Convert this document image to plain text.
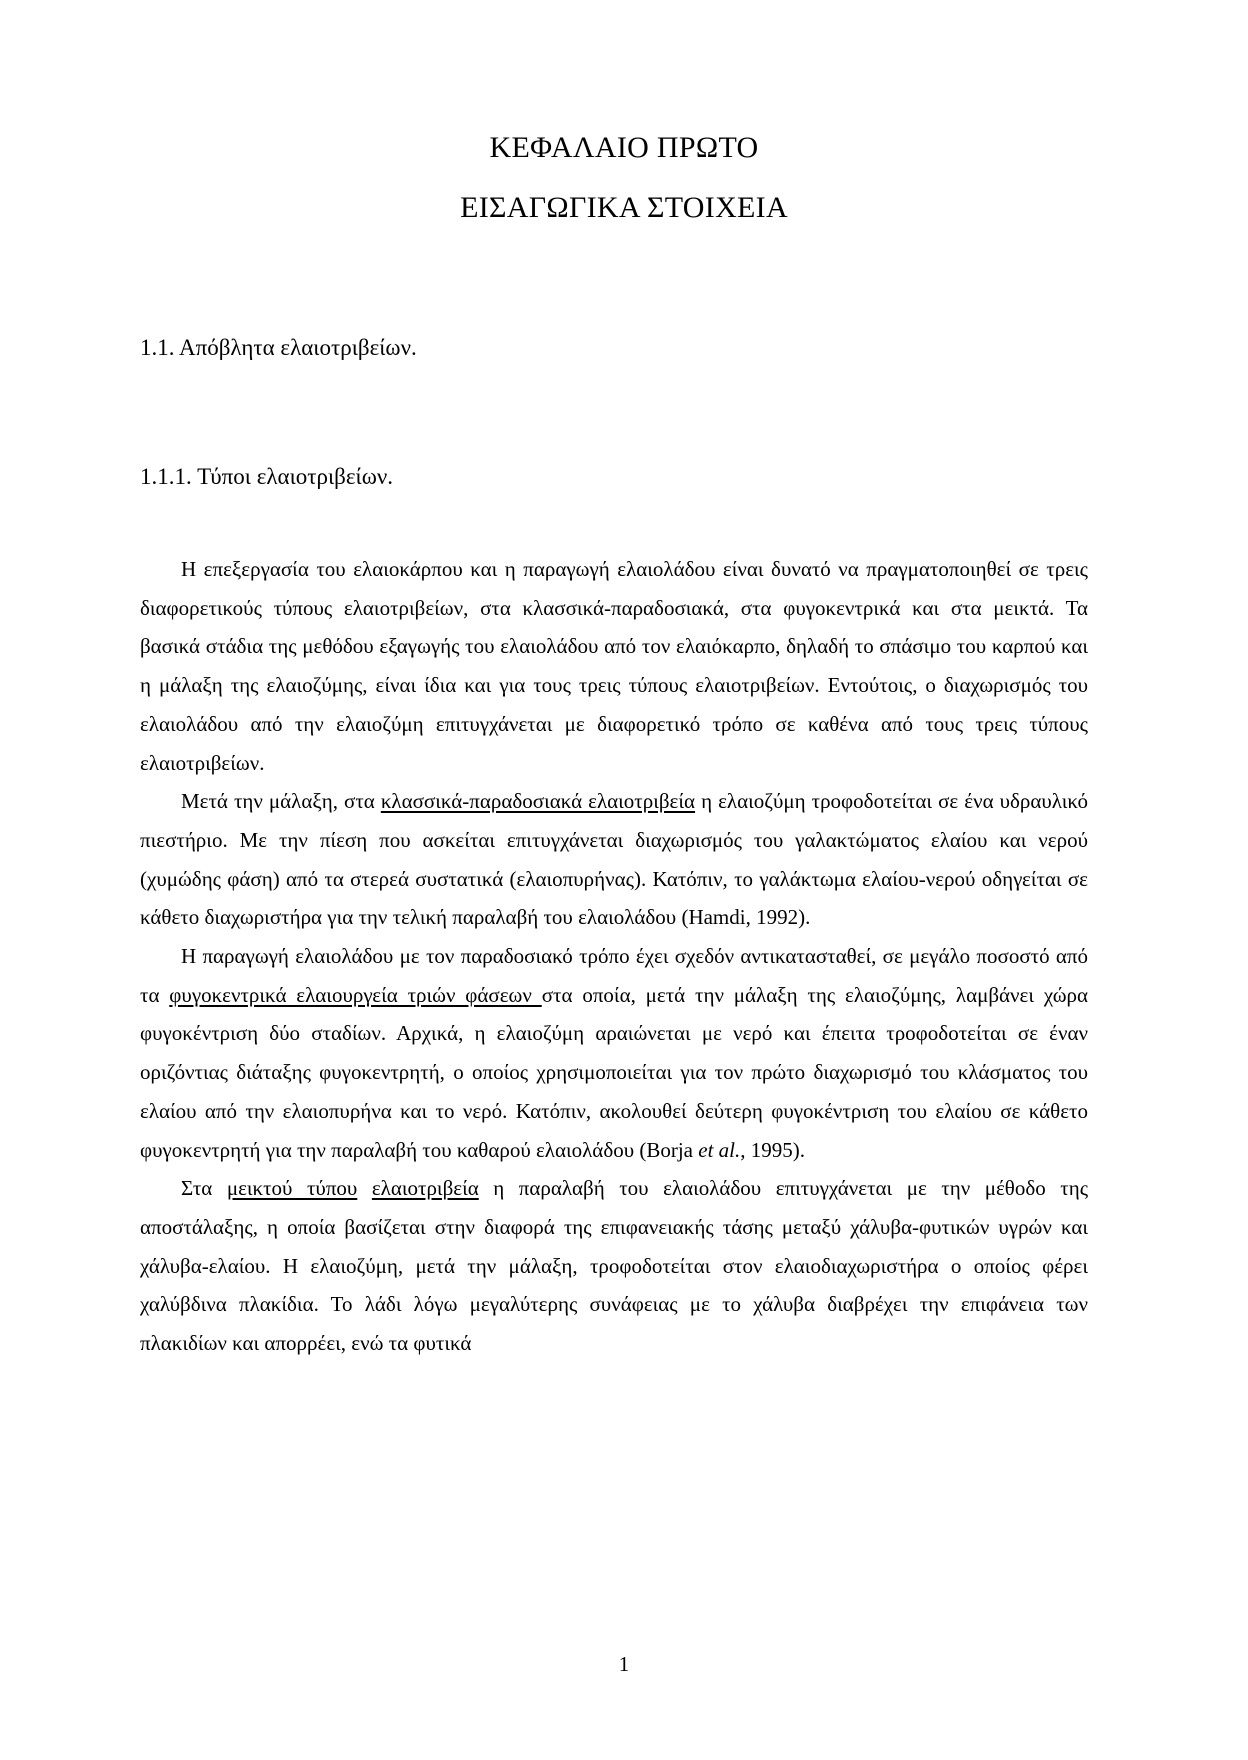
ΚΕΦΑΛΑΙΟ ΠΡΩΤΟ
ΕΙΣΑΓΩΓΙΚΑ ΣΤΟΙΧΕΙΑ
1.1. Απόβλητα ελαιοτριβείων.
1.1.1. Τύποι ελαιοτριβείων.

Η επεξεργασία του ελαιοκάρπου και η παραγωγή ελαιολάδου είναι δυνατό να πραγματοποιηθεί σε τρεις διαφορετικούς τύπους ελαιοτριβείων, στα κλασσικά-παραδοσιακά, στα φυγοκεντρικά και στα μεικτά. Τα βασικά στάδια της μεθόδου εξαγωγής του ελαιολάδου από τον ελαιόκαρπο, δηλαδή το σπάσιμο του καρπού και η μάλαξη της ελαιοζύμης, είναι ίδια και για τους τρεις τύπους ελαιοτριβείων. Εντούτοις, ο διαχωρισμός του ελαιολάδου από την ελαιοζύμη επιτυγχάνεται με διαφορετικό τρόπο σε καθένα από τους τρεις τύπους ελαιοτριβείων.

Μετά την μάλαξη, στα κλασσικά-παραδοσιακά ελαιοτριβεία η ελαιοζύμη τροφοδοτείται σε ένα υδραυλικό πιεστήριο. Με την πίεση που ασκείται επιτυγχάνεται διαχωρισμός του γαλακτώματος ελαίου και νερού (χυμώδης φάση) από τα στερεά συστατικά (ελαιοπυρήνας). Κατόπιν, το γαλάκτωμα ελαίου-νερού οδηγείται σε κάθετο διαχωριστήρα για την τελική παραλαβή του ελαιολάδου (Hamdi, 1992).

Η παραγωγή ελαιολάδου με τον παραδοσιακό τρόπο έχει σχεδόν αντικατασταθεί, σε μεγάλο ποσοστό από τα φυγοκεντρικά ελαιουργεία τριών φάσεων στα οποία, μετά την μάλαξη της ελαιοζύμης, λαμβάνει χώρα φυγοκέντριση δύο σταδίων. Αρχικά, η ελαιοζύμη αραιώνεται με νερό και έπειτα τροφοδοτείται σε έναν οριζόντιας διάταξης φυγοκεντρητή, ο οποίος χρησιμοποιείται για τον πρώτο διαχωρισμό του κλάσματος του ελαίου από την ελαιοπυρήνα και το νερό. Κατόπιν, ακολουθεί δεύτερη φυγοκέντριση του ελαίου σε κάθετο φυγοκεντρητή για την παραλαβή του καθαρού ελαιολάδου (Borja et al., 1995).

Στα μεικτού τύπου ελαιοτριβεία η παραλαβή του ελαιολάδου επιτυγχάνεται με την μέθοδο της αποστάλαξης, η οποία βασίζεται στην διαφορά της επιφανειακής τάσης μεταξύ χάλυβα-φυτικών υγρών και χάλυβα-ελαίου. Η ελαιοζύμη, μετά την μάλαξη, τροφοδοτείται στον ελαιοδιαχωριστήρα ο οποίος φέρει χαλύβδινα πλακίδια. Το λάδι λόγω μεγαλύτερης συνάφειας με το χάλυβα διαβρέχει την επιφάνεια των πλακιδίων και απορρέει, ενώ τα φυτικά

1
